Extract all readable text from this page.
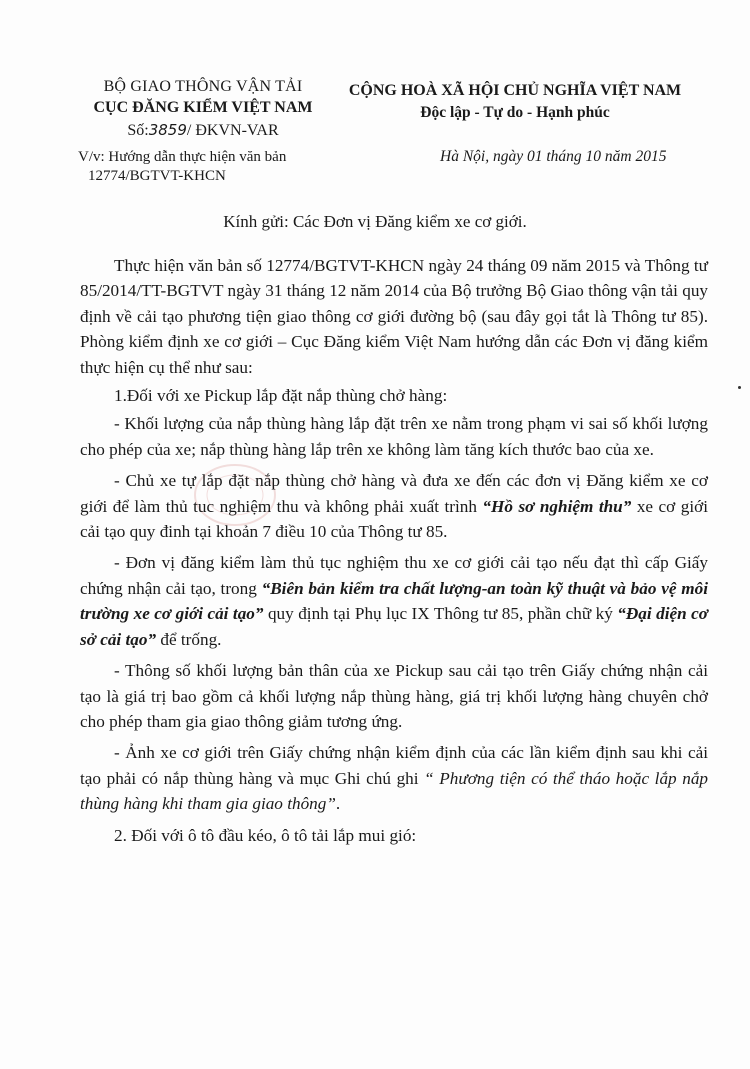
BỘ GIAO THÔNG VẬN TẢI
CỤC ĐĂNG KIỂM VIỆT NAM
Số:3859/ ĐKVN-VAR
V/v: Hướng dẫn thực hiện văn bản
12774/BGTVT-KHCN
CỘNG HOÀ XÃ HỘI CHỦ NGHĨA VIỆT NAM
Độc lập - Tự do - Hạnh phúc
Hà Nội, ngày 01 tháng 10 năm 2015
Kính gửi: Các Đơn vị Đăng kiểm xe cơ giới.

Thực hiện văn bản số 12774/BGTVT-KHCN ngày 24 tháng 09 năm 2015 và Thông tư 85/2014/TT-BGTVT ngày 31 tháng 12 năm 2014 của Bộ trưởng Bộ Giao thông vận tải quy định về cải tạo phương tiện giao thông cơ giới đường bộ (sau đây gọi tắt là Thông tư 85). Phòng kiểm định xe cơ giới – Cục Đăng kiểm Việt Nam hướng dẫn các Đơn vị đăng kiểm thực hiện cụ thể như sau:

1.Đối với xe Pickup lắp đặt nắp thùng chở hàng:

- Khối lượng của nắp thùng hàng lắp đặt trên xe nằm trong phạm vi sai số khối lượng cho phép của xe; nắp thùng hàng lắp trên xe không làm tăng kích thước bao của xe.

- Chủ xe tự lắp đặt nắp thùng chở hàng và đưa xe đến các đơn vị Đăng kiểm xe cơ giới để làm thủ tuc nghiệm thu và không phải xuất trình “Hồ sơ nghiệm thu” xe cơ giới cải tạo quy đinh tại khoản 7 điều 10 của Thông tư 85.

- Đơn vị đăng kiểm làm thủ tục nghiệm thu xe cơ giới cải tạo nếu đạt thì cấp Giấy chứng nhận cải tạo, trong “Biên bản kiểm tra chất lượng-an toàn kỹ thuật và bảo vệ môi trường xe cơ giới cải tạo” quy định tại Phụ lục IX Thông tư 85, phần chữ ký “Đại diện cơ sở cải tạo” để trống.

- Thông số khối lượng bản thân của xe Pickup sau cải tạo trên Giấy chứng nhận cải tạo là giá trị bao gồm cả khối lượng nắp thùng hàng, giá trị khối lượng hàng chuyên chở cho phép tham gia giao thông giảm tương ứng.

- Ảnh xe cơ giới trên Giấy chứng nhận kiểm định của các lần kiểm định sau khi cải tạo phải có nắp thùng hàng và mục Ghi chú ghi “ Phương tiện có thể tháo hoặc lắp nắp thùng hàng khi tham gia giao thông”.

2. Đối với ô tô đầu kéo, ô tô tải lắp mui gió:
